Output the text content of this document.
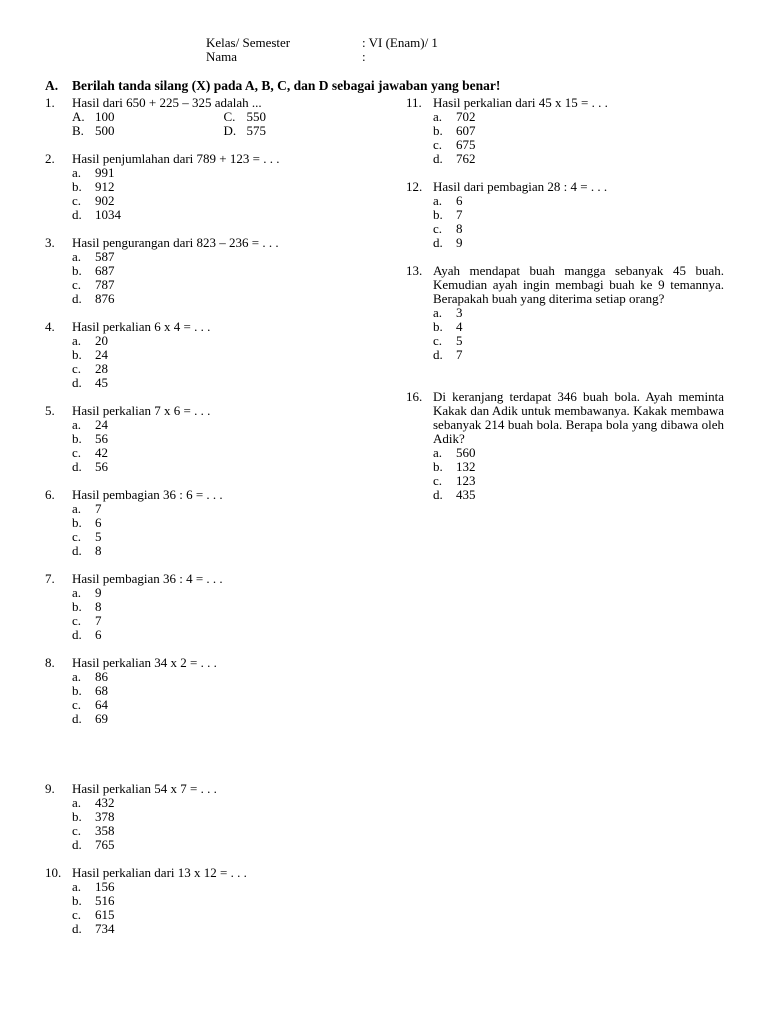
Kelas/ Semester	: VI (Enam)/ 1
Nama	:
A. Berilah tanda silang (X) pada A, B, C, dan D sebagai jawaban yang benar!
1. Hasil dari 650 + 225 – 325 adalah ...
A. 100	C. 550
B. 500	D. 575
2. Hasil penjumlahan dari 789 + 123 = . . .
a. 991
b. 912
c. 902
d. 1034
3. Hasil pengurangan dari 823 – 236 = . . .
a. 587
b. 687
c. 787
d. 876
4. Hasil perkalian 6 x 4 = . . .
a. 20
b. 24
c. 28
d. 45
5. Hasil perkalian 7 x 6 = . . .
a. 24
b. 56
c. 42
d. 56
6. Hasil pembagian 36 : 6 = . . .
a. 7
b. 6
c. 5
d. 8
7. Hasil pembagian 36 : 4 = . . .
a. 9
b. 8
c. 7
d. 6
8. Hasil perkalian 34 x 2 = . . .
a. 86
b. 68
c. 64
d. 69
9. Hasil perkalian 54 x 7 = . . .
a. 432
b. 378
c. 358
d. 765
10. Hasil perkalian dari 13 x 12 = . . .
a. 156
b. 516
c. 615
d. 734
11. Hasil perkalian dari 45 x 15 = . . .
a. 702
b. 607
c. 675
d. 762
12. Hasil dari pembagian 28 : 4 = . . .
a. 6
b. 7
c. 8
d. 9
13. Ayah mendapat buah mangga sebanyak 45 buah. Kemudian ayah ingin membagi buah ke 9 temannya. Berapakah buah yang diterima setiap orang?
a. 3
b. 4
c. 5
d. 7
16. Di keranjang terdapat 346 buah bola. Ayah meminta Kakak dan Adik untuk membawanya. Kakak membawa sebanyak 214 buah bola. Berapa bola yang dibawa oleh Adik?
a. 560
b. 132
c. 123
d. 435
